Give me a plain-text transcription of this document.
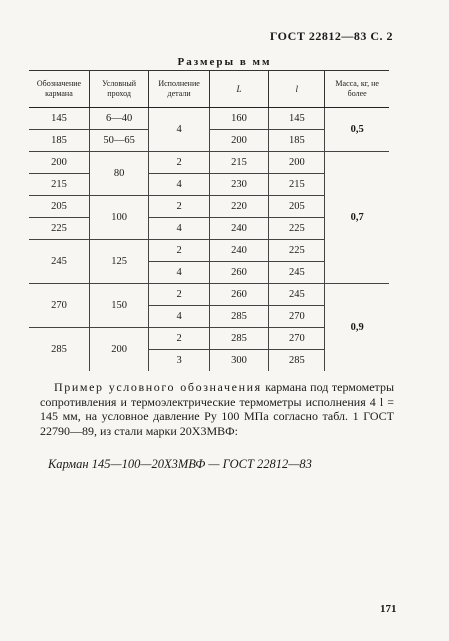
ГОСТ 22812—83 С. 2
Размеры в мм
Обозначение кармана	Условный проход	Исполнение детали	L	l	Масса, кг, не более
145	6—40	4	160	145	0,5
185	50—65		200	185	
200	80	2	215	200	0,7
215		4	230	215	
205	100	2	220	205	
225		4	240	225	
245	125	2	240	225	
		4	260	245	
270	150	2	260	245	0,9
		4	285	270	
285	200	2	285	270	
		3	300	285	
Пример условного обозначения кармана под термометры сопротивления и термоэлектрические термометры исполнения 4 l = 145 мм, на условное давление Pу 100 МПа согласно табл. 1 ГОСТ 22790—89, из стали марки 20Х3МВФ:
Карман 145—100—20Х3МВФ — ГОСТ 22812—83
171
